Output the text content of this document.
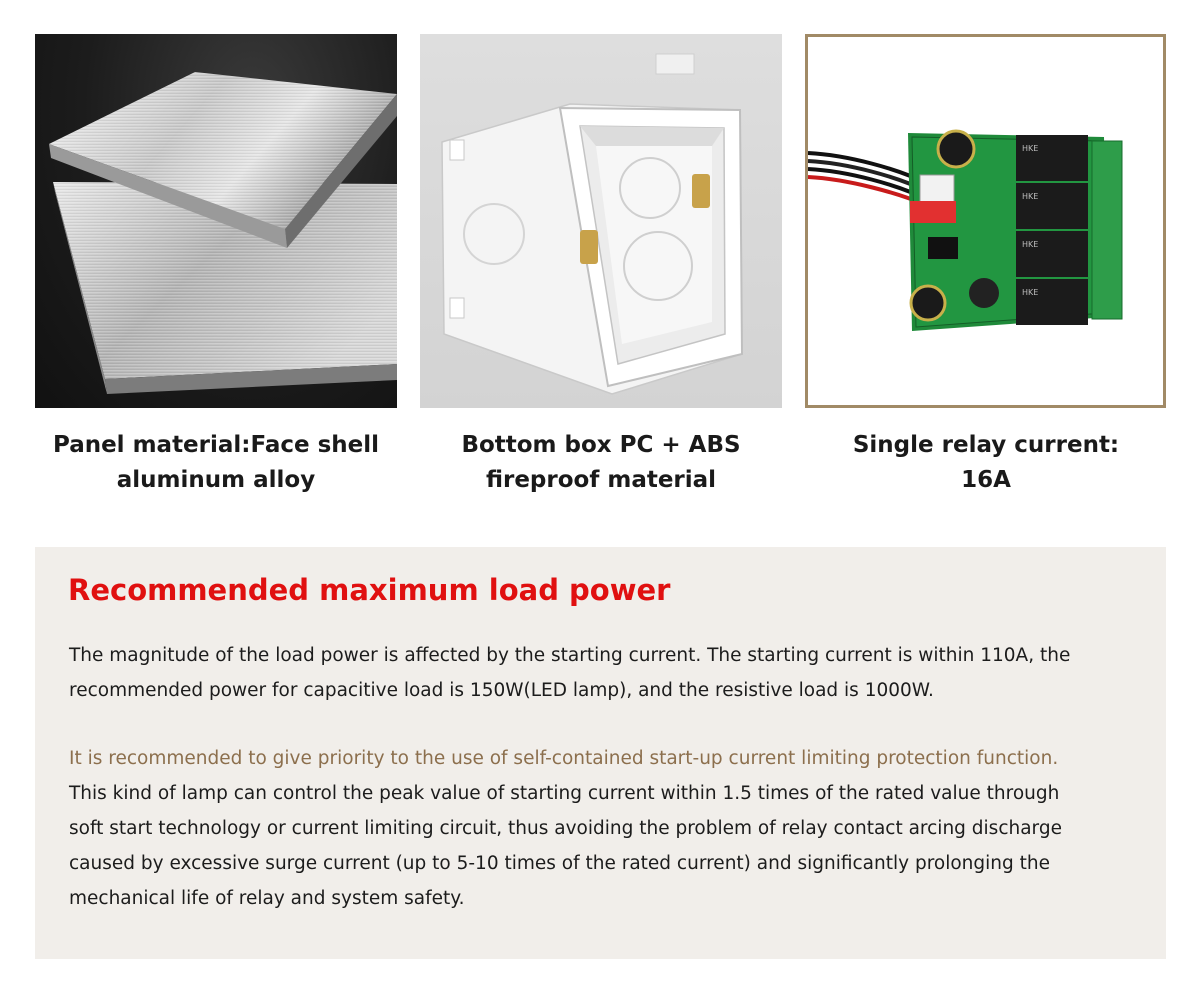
HKE
HKE
HKE
HKE
Panel material:Face shell
aluminum alloy
Bottom box PC + ABS
fireproof material
Single relay current:
16A
Recommended maximum load power
The magnitude of the load power is affected by the starting current. The starting current is within 110A, the
recommended power for capacitive load is 150W(LED lamp), and the resistive load is 1000W.
It is recommended to give priority to the use of self-contained start-up current limiting protection function.
This kind of lamp can control the peak value of starting current within 1.5 times of the rated value through
soft start technology or current limiting circuit, thus avoiding the problem of relay contact arcing discharge
caused by excessive surge current (up to 5-10 times of the rated current) and significantly prolonging the
mechanical life of relay and system safety.
